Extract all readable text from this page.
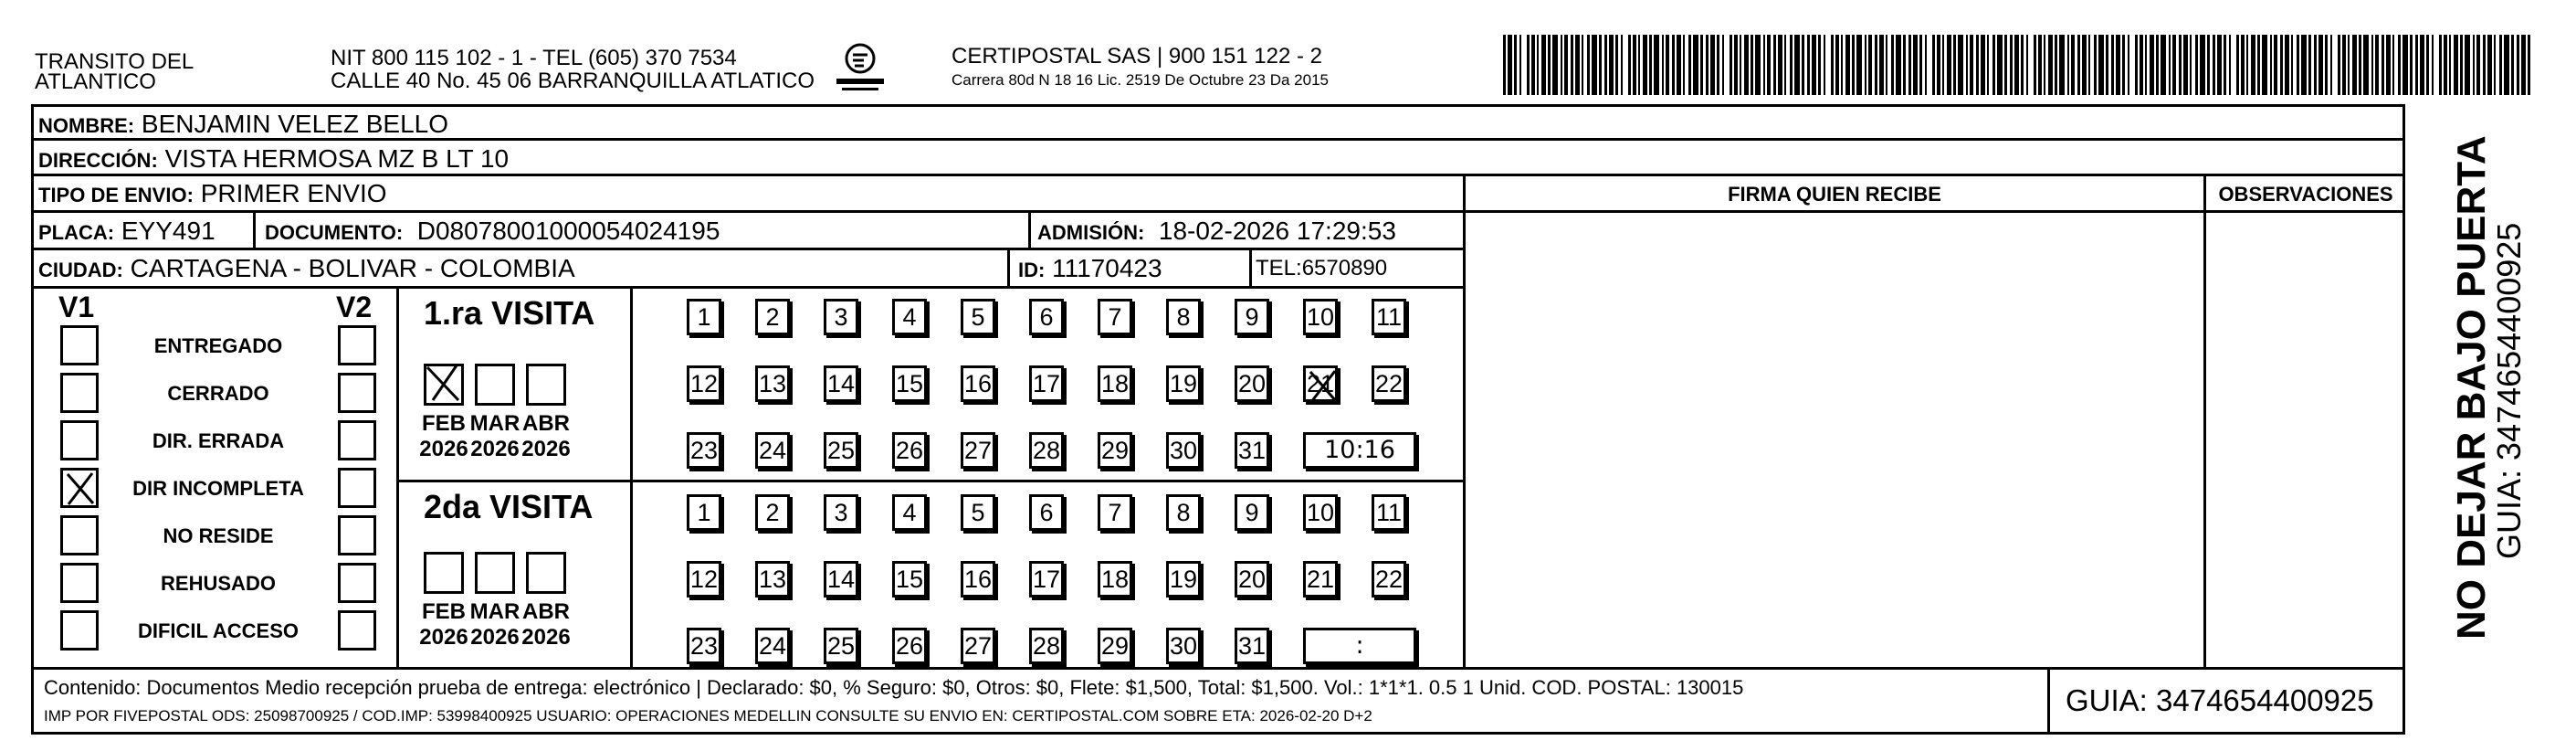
TRANSITO DEL
ATLANTICO
NIT 800 115 102 - 1 - TEL (605) 370 7534
CALLE 40 No. 45 06 BARRANQUILLA ATLATICO
CERTIPOSTAL SAS | 900 151 122 - 2
Carrera 80d N 18 16 Lic. 2519 De Octubre 23 Da 2015
NOMBRE: BENJAMIN VELEZ BELLO
DIRECCIÓN: VISTA HERMOSA MZ B LT 10
TIPO DE ENVIO: PRIMER ENVIO
PLACA: EYY491 DOCUMENTO: D08078001000054024195	ADMISIÓN: 18-02-2026 17:29:53
CIUDAD: CARTAGENA - BOLIVAR - COLOMBIA	ID: 11170423	TEL:6570890
FIRMA QUIEN RECIBE	OBSERVACIONES
V1	V2
ENTREGADO
CERRADO
DIR. ERRADA
DIR INCOMPLETA
NO RESIDE
REHUSADO
DIFICIL ACCESO
1.ra VISITA
2da VISITA
FEB
2026
MAR
2026
ABR
2026
FEB
2026
MAR
2026
ABR
2026
1	2	3	4	5	6	7	8	9	10 11
12 13 14 15 16 17 18 19 20 21 22
23 24 25 26 27 28 29 30 31	10:16
1	2	3	4	5	6	7	8	9	10 11
12 13 14 15 16 17 18 19 20 21 22
23 24 25 26 27 28 29 30 31	:
Contenido: Documentos Medio recepción prueba de entrega: electrónico | Declarado: $0, % Seguro: $0, Otros: $0, Flete: $1,500, Total: $1,500. Vol.: 1*1*1. 0.5 1 Unid. COD. POSTAL: 130015
IMP POR FIVEPOSTAL ODS: 25098700925 / COD.IMP: 53998400925 USUARIO: OPERACIONES MEDELLIN CONSULTE SU ENVIO EN: CERTIPOSTAL.COM SOBRE ETA: 2026-02-20 D+2	GUIA: 3474654400925
NO DEJAR BAJO PUERTA
GUIA: 3474654400925
